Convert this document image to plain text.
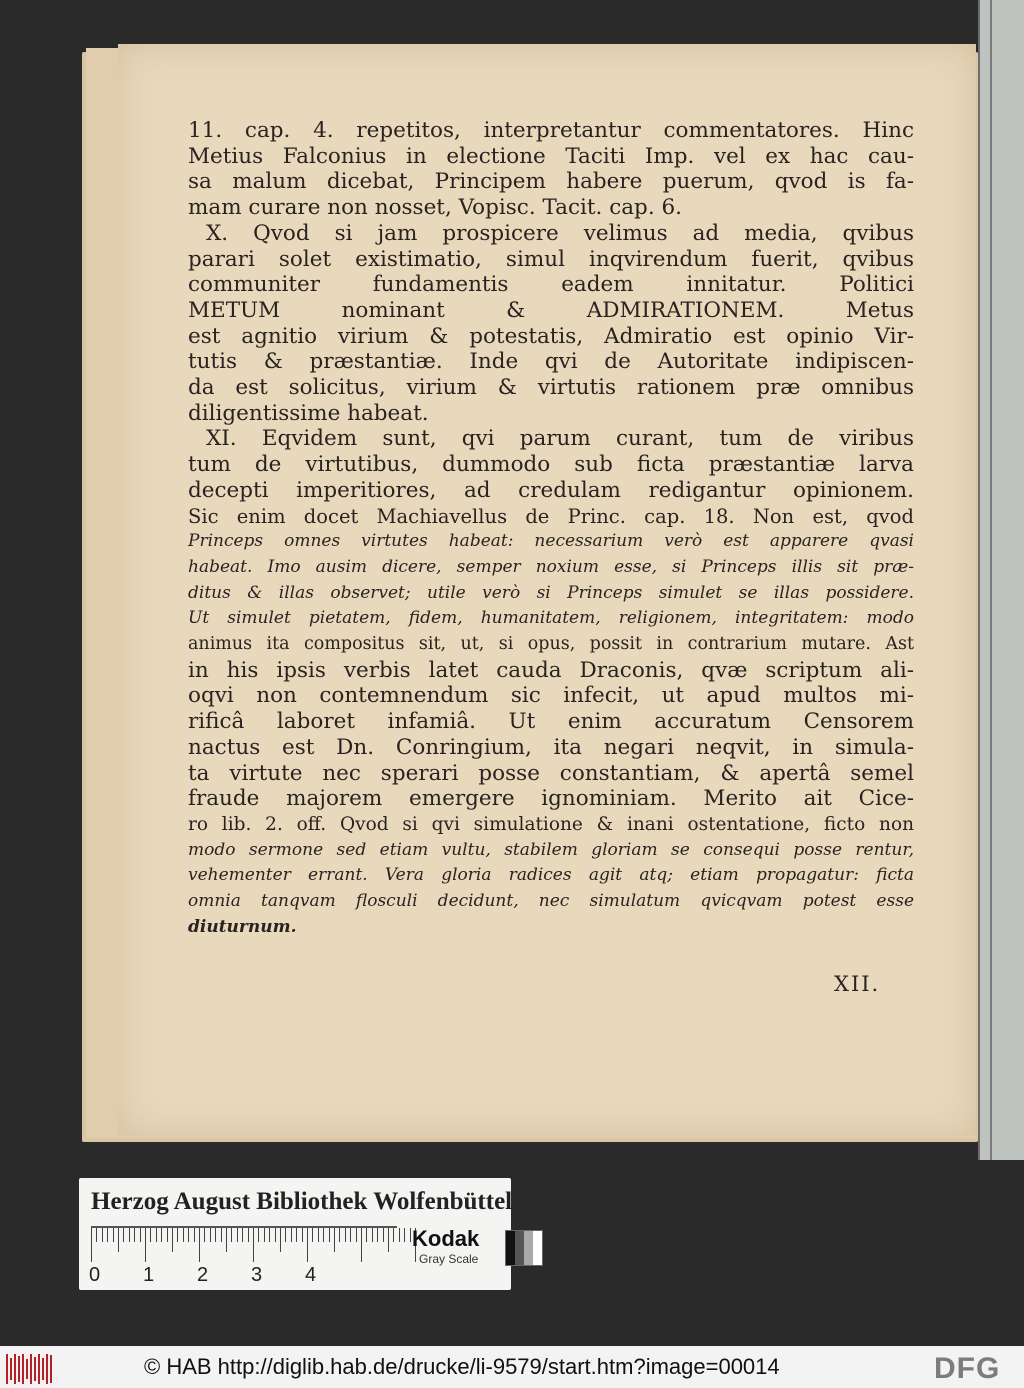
11. cap. 4. repetitos, interpretantur commentatores. Hinc
Metius Falconius in electione Taciti Imp. vel ex hac cau-
sa malum dicebat, Principem habere puerum, qvod is fa-
mam curare non nosset, Vopisc. Tacit. cap. 6.
X. Qvod si jam prospicere velimus ad media, qvibus
parari solet existimatio, simul inqvirendum fuerit, qvibus
communiter fundamentis eadem innitatur. Politici
METUM nominant & ADMIRATIONEM. Metus
est agnitio virium & potestatis, Admiratio est opinio Vir-
tutis & præstantiæ. Inde qvi de Autoritate indipiscen-
da est solicitus, virium & virtutis rationem præ omnibus
diligentissime habeat.
XI. Eqvidem sunt, qvi parum curant, tum de viribus
tum de virtutibus, dummodo sub ficta præstantiæ larva
decepti imperitiores, ad credulam redigantur opinionem.
Sic enim docet Machiavellus de Princ. cap. 18. Non est, qvod
Princeps omnes virtutes habeat: necessarium verò est apparere qvasi
habeat. Imo ausim dicere, semper noxium esse, si Princeps illis sit præ-
ditus & illas observet; utile verò si Princeps simulet se illas possidere.
Ut simulet pietatem, fidem, humanitatem, religionem, integritatem: modo
animus ita compositus sit, ut, si opus, possit in contrarium mutare. Ast
in his ipsis verbis latet cauda Draconis, qvæ scriptum ali-
oqvi non contemnendum sic infecit, ut apud multos mi-
rificâ laboret infamiâ. Ut enim accuratum Censorem
nactus est Dn. Conringium, ita negari neqvit, in simula-
ta virtute nec sperari posse constantiam, & apertâ semel
fraude majorem emergere ignominiam. Merito ait Cice-
ro lib. 2. off. Qvod si qvi simulatione & inani ostentatione, ficto non
modo sermone sed etiam vultu, stabilem gloriam se consequi posse rentur,
vehementer errant. Vera gloria radices agit atq; etiam propagatur: ficta
omnia tanqvam flosculi decidunt, nec simulatum qvicqvam potest esse
diuturnum.
XII.
Herzog August Bibliothek Wolfenbüttel
0 1 2 3 4
Kodak
Gray Scale
© HAB http://diglib.hab.de/drucke/li-9579/start.htm?image=00014	DFG
